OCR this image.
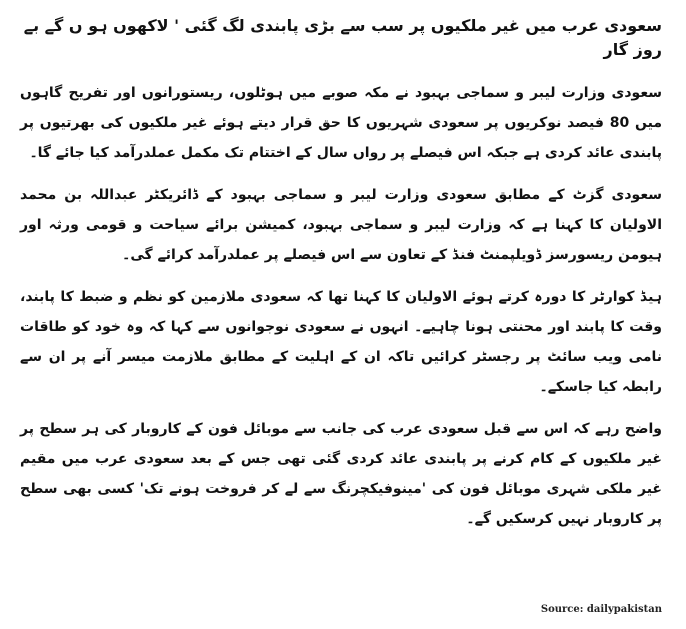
سعودی عرب میں غیر ملکیوں پر سب سے بڑی پابندی لگ گئی ' لاکھوں ہو ں گے بے روز گار

سعودی وزارت لیبر و سماجی بہبود نے مکہ صوبے میں ہوٹلوں، ریستورانوں اور تفریح گاہوں میں 80 فیصد نوکریوں پر سعودی شہریوں کا حق قرار دیتے ہوئے غیر ملکیوں کی بھرتیوں پر پابندی عائد کردی ہے جبکہ اس فیصلے پر رواں سال کے اختتام تک مکمل عملدرآمد کیا جائے گا۔

سعودی گزٹ کے مطابق سعودی وزارت لیبر و سماجی بہبود کے ڈائریکٹر عبداللہ بن محمد الاولیان کا کہنا ہے کہ وزارت لیبر و سماجی بہبود، کمیشن برائے سیاحت و قومی ورثہ اور ہیومن ریسورسز ڈویلپمنٹ فنڈ کے تعاون سے اس فیصلے پر عملدرآمد کرائے گی۔

ہیڈ کوارٹر کا دورہ کرتے ہوئے الاولیان کا کہنا تھا کہ سعودی ملازمین کو نظم و ضبط کا پابند، وقت کا پابند اور محنتی ہونا چاہیے۔ انہوں نے سعودی نوجوانوں سے کہا کہ وہ خود کو طاقات نامی ویب سائٹ پر رجسٹر کرائیں تاکہ ان کے اہلیت کے مطابق ملازمت میسر آنے پر ان سے رابطہ کیا جاسکے۔

واضح رہے کہ اس سے قبل سعودی عرب کی جانب سے موبائل فون کے کاروبار کی ہر سطح پر غیر ملکیوں کے کام کرنے پر پابندی عائد کردی گئی تھی جس کے بعد سعودی عرب میں مقیم غیر ملکی شہری موبائل فون کی 'مینوفیکچرنگ سے لے کر فروخت ہونے تک' کسی بھی سطح پر کاروبار نہیں کرسکیں گے۔

Source: dailypakistan
